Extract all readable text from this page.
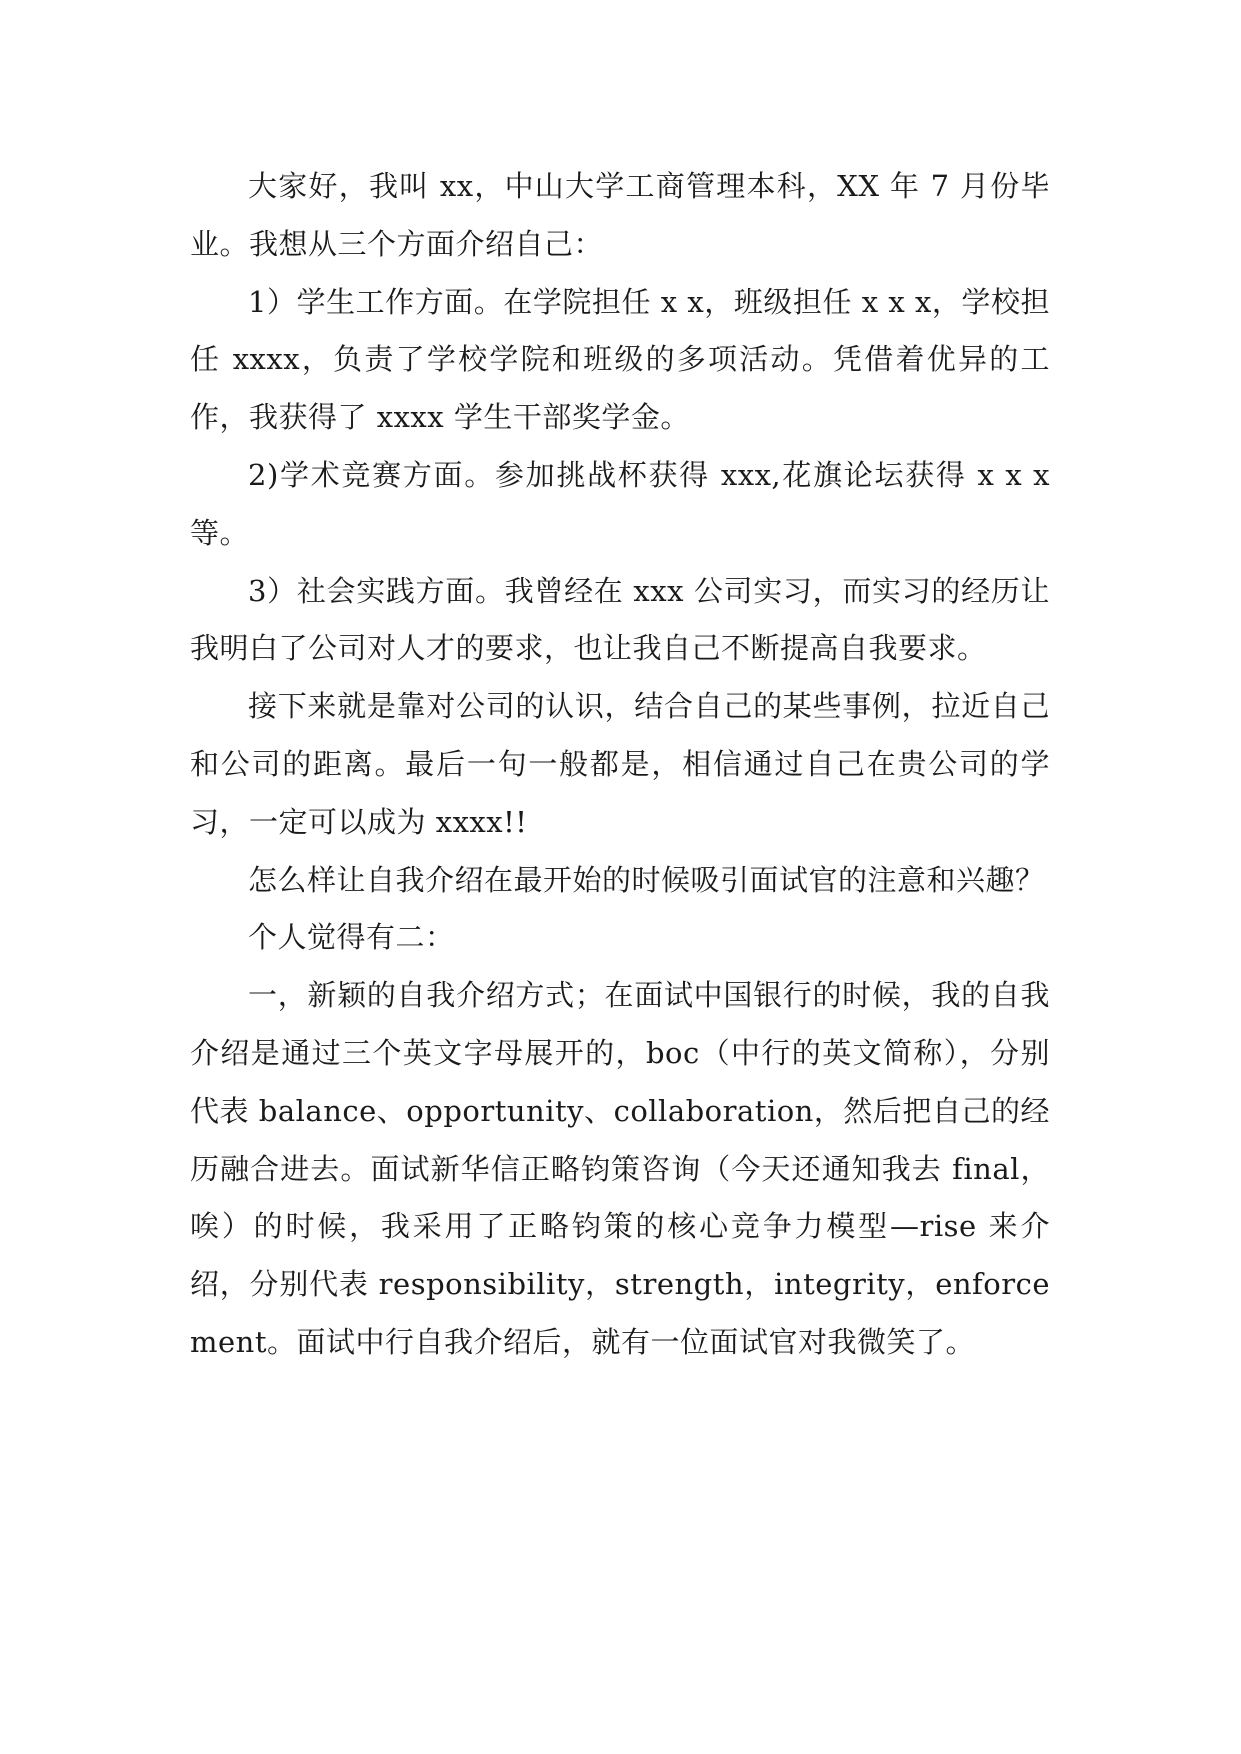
大家好，我叫 xx，中山大学工商管理本科，XX 年 7 月份毕业。我想从三个方面介绍自己：

1）学生工作方面。在学院担任 x x，班级担任 x x x，学校担任 xxxx，负责了学校学院和班级的多项活动。凭借着优异的工作，我获得了 xxxx 学生干部奖学金。

2)学术竞赛方面。参加挑战杯获得 xxx,花旗论坛获得 x x x 等。

3）社会实践方面。我曾经在 xxx 公司实习，而实习的经历让我明白了公司对人才的要求，也让我自己不断提高自我要求。

接下来就是靠对公司的认识，结合自己的某些事例，拉近自己和公司的距离。最后一句一般都是，相信通过自己在贵公司的学习，一定可以成为 xxxx!!

怎么样让自我介绍在最开始的时候吸引面试官的注意和兴趣？

个人觉得有二：

一，新颖的自我介绍方式；在面试中国银行的时候，我的自我介绍是通过三个英文字母展开的，boc（中行的英文简称），分别代表 balance、opportunity、collaboration，然后把自己的经历融合进去。面试新华信正略钧策咨询（今天还通知我去 final，唉）的时候，我采用了正略钧策的核心竞争力模型—rise 来介绍，分别代表 responsibility，strength，integrity，enforcement。面试中行自我介绍后，就有一位面试官对我微笑了。
